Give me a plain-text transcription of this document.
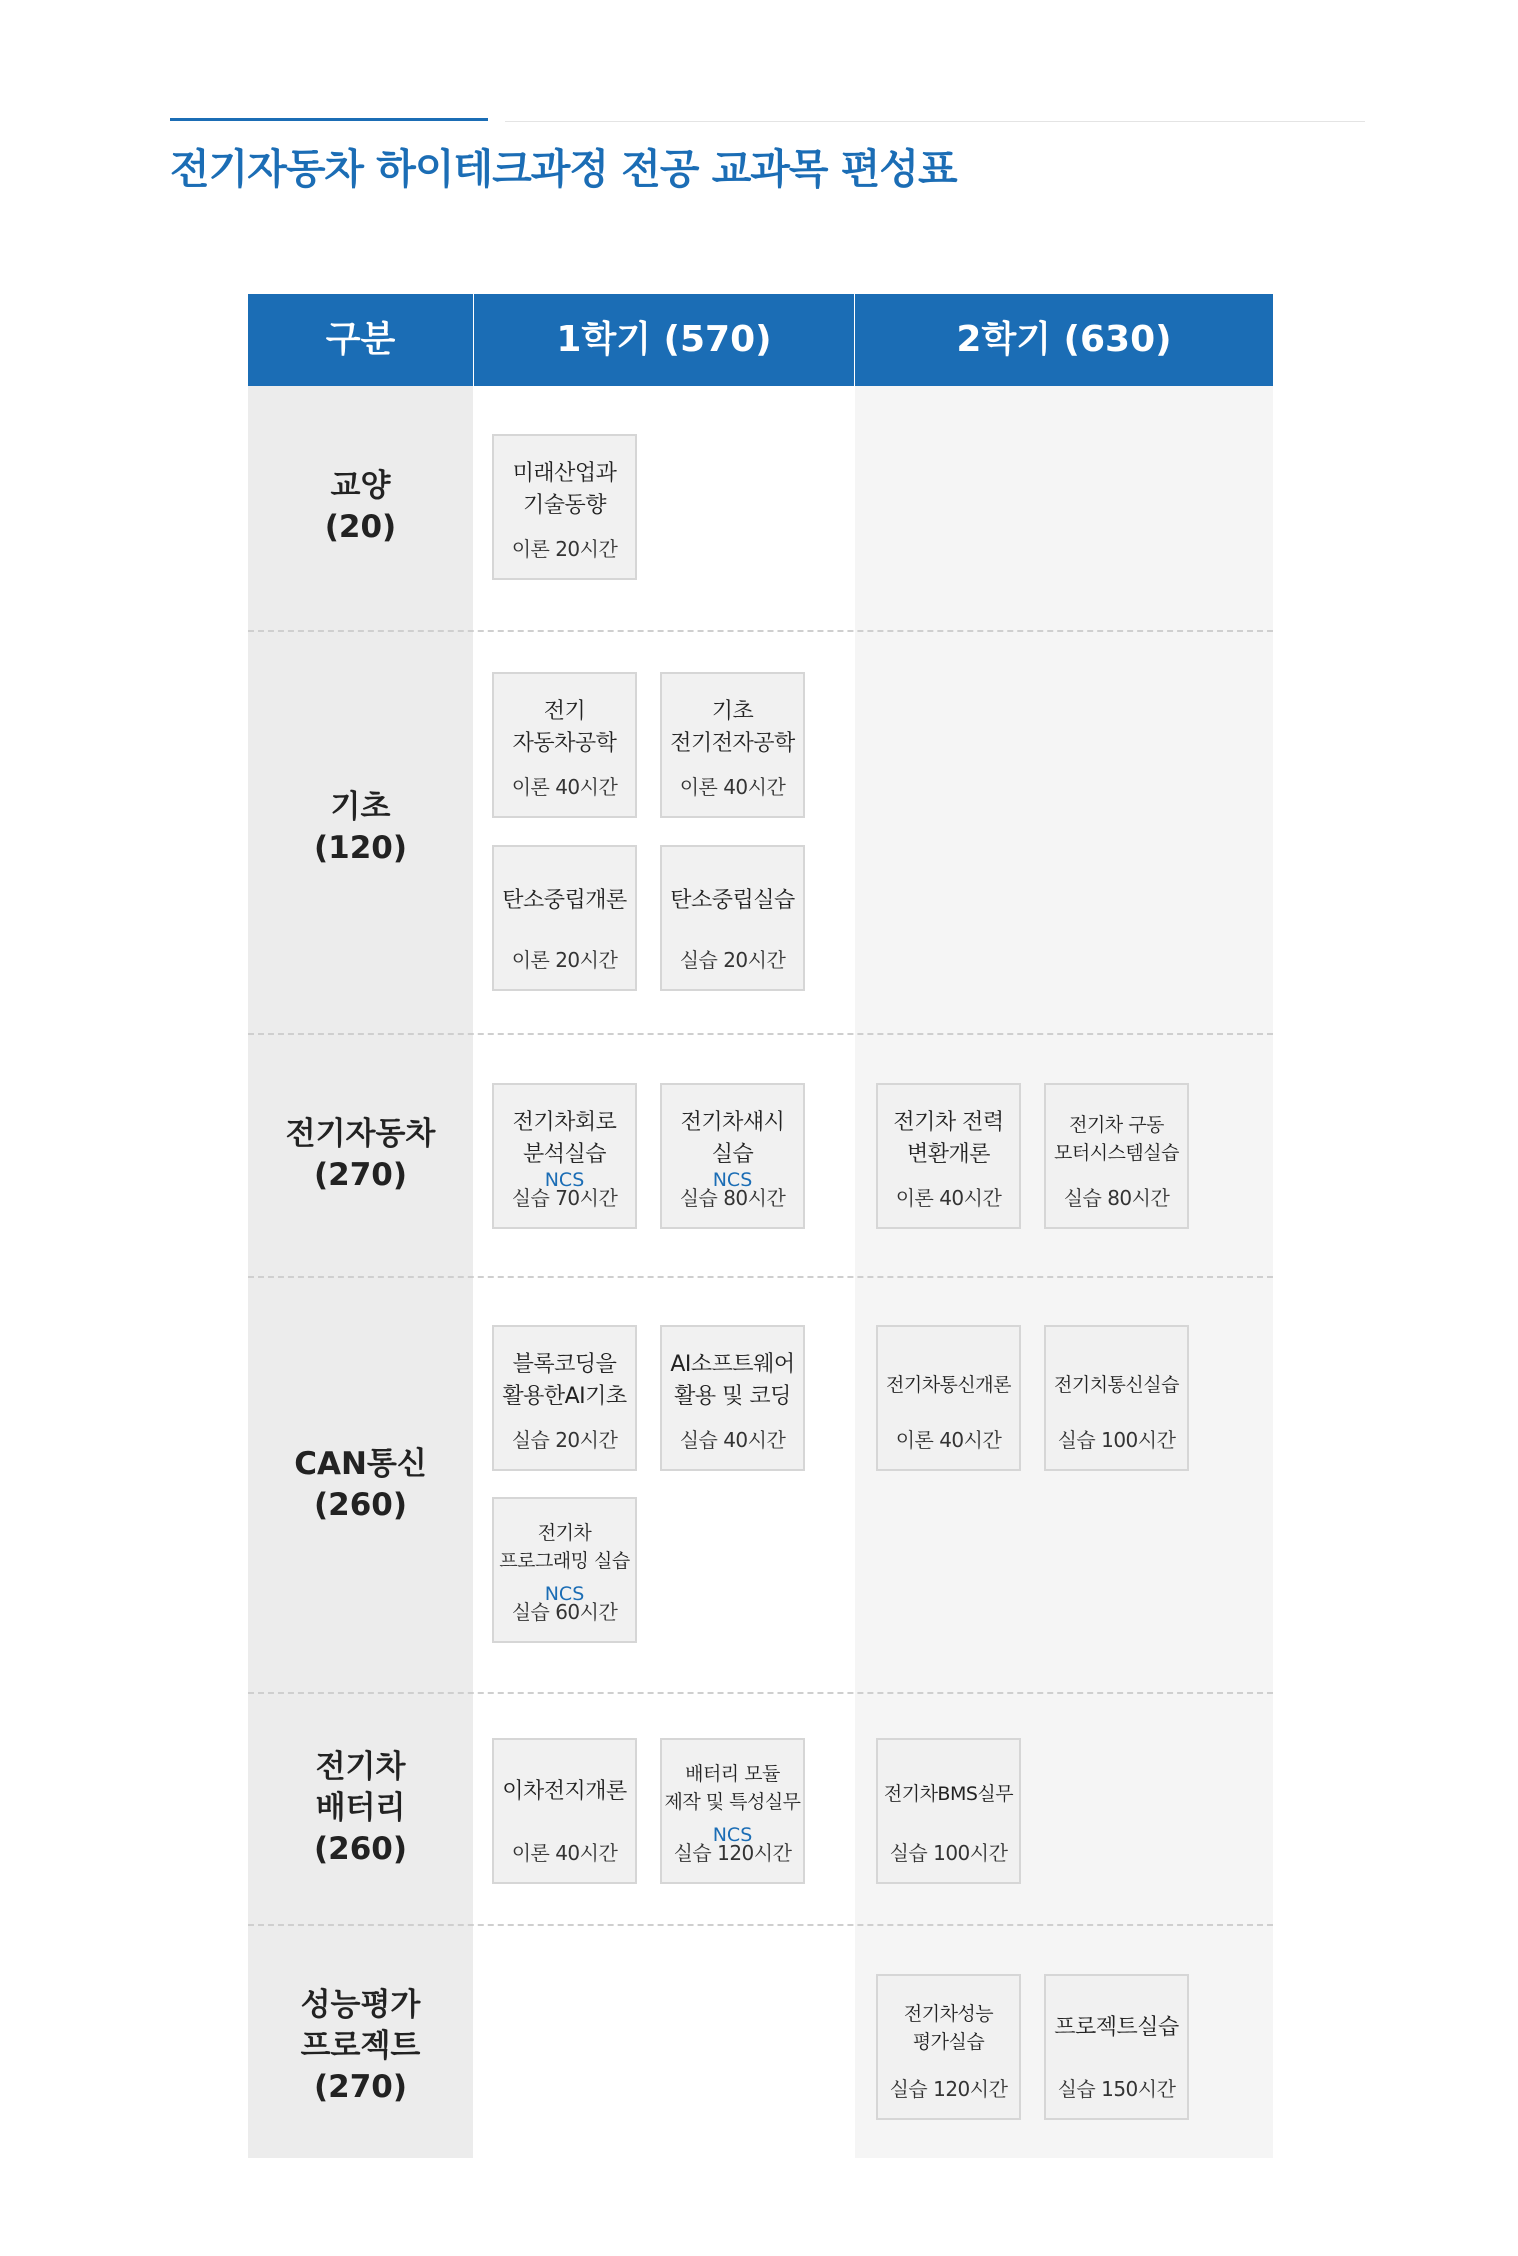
전기자동차 하이테크과정 전공 교과목 편성표
구분	1학기 (570)	2학기 (630)
교양
(20)
미래산업과
기술동향
이론 20시간
기초
(120)
전기
자동차공학
이론 40시간
기초
전기전자공학
이론 40시간
탄소중립개론
이론 20시간
탄소중립실습
실습 20시간
전기자동차
(270)
전기차회로
분석실습
NCS
실습 70시간
전기차섀시
실습
NCS
실습 80시간
전기차 전력
변환개론
이론 40시간
전기차 구동
모터시스템실습
실습 80시간
CAN통신
(260)
블록코딩을
활용한AI기초
실습 20시간
AI소프트웨어
활용 및 코딩
실습 40시간
전기차
프로그래밍 실습
NCS
실습 60시간
전기차통신개론
이론 40시간
전기치통신실습
실습 100시간
전기차
배터리
(260)
이차전지개론
이론 40시간
배터리 모듈
제작 및 특성실무
NCS
실습 120시간
전기차BMS실무
실습 100시간
성능평가
프로젝트
(270)
전기차성능
평가실습
실습 120시간
프로젝트실습
실습 150시간
